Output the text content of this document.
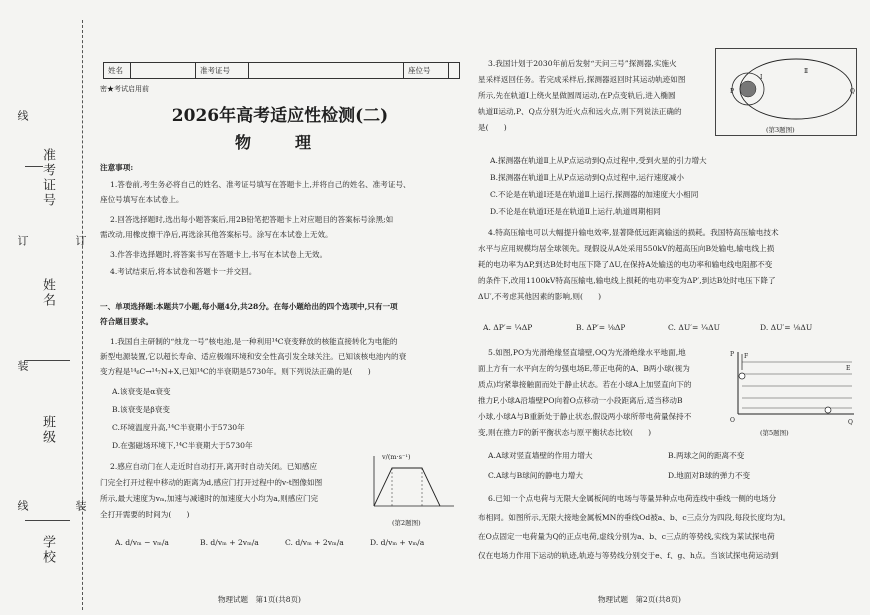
准考证号
姓名
班级
学校
线
订
装
线
订
装
姓名	准考证号	座位号
密★考试启用前
2026年高考适应性检测(二)
物　理
注意事项:
1.答卷前,考生务必将自己的姓名、准考证号填写在答题卡上,并将自己的姓名、准考证号、
座位号填写在本试卷上。
2.回答选择题时,选出每小题答案后,用2B铅笔把答题卡上对应题目的答案标号涂黑;如
需改动,用橡皮擦干净后,再选涂其他答案标号。涂写在本试卷上无效。
3.作答非选择题时,将答案书写在答题卡上,书写在本试卷上无效。
4.考试结束后,将本试卷和答题卡一并交回。
一、单项选择题:本题共7小题,每小题4分,共28分。在每小题给出的四个选项中,只有一项
符合题目要求。
1.我国自主研制的“烛龙一号”核电池,是一种利用¹⁴C衰变释放的核能直接转化为电能的
新型电源装置,它以超长寿命、适应极端环境和安全性高引发全球关注。已知该核电池内的衰
变方程是¹⁴₆C→¹⁴₇N+X,已知¹⁴C的半衰期是5730年。则下列说法正确的是(　　)
A.该衰变是α衰变
B.该衰变是β衰变
C.环境温度升高,¹⁴C半衰期小于5730年
D.在强磁场环境下,¹⁴C半衰期大于5730年
2.感应自动门在人走近时自动打开,离开时自动关闭。已知感应
门完全打开过程中移动的距离为d,感应门打开过程中的v-t图像如图
所示,最大速度为vₘ,加速与减速时的加速度大小均为a,则感应门完
全打开需要的时间为(　　)
v/(m·s⁻¹)
(第2题图)
A. d/vₘ − vₘ/a	B. d/vₘ + 2vₘ/a	C. d/vₘ + 2vₘ/a	D. d/vₘ + vₘ/a
物理试题　第1页(共8页)
3.我国计划于2030年前后发射“天问三号”探测器,实施火
星采样返回任务。若完成采样后,探测器返回时其运动轨迹如图
所示,先在轨道Ⅰ上绕火星做圆周运动,在P点变轨后,进入椭圆
轨道Ⅱ运动,P、Q点分别为近火点和远火点,则下列说法正确的
是(　　)
P	Q
Ⅰ
Ⅱ
(第3题图)
A.探测器在轨道Ⅱ上从P点运动到Q点过程中,受到火星的引力增大
B.探测器在轨道Ⅱ上从P点运动到Q点过程中,运行速度减小
C.不论是在轨道Ⅰ还是在轨道Ⅱ上运行,探测器的加速度大小相同
D.不论是在轨道Ⅰ还是在轨道Ⅱ上运行,轨道周期相同
4.特高压输电可以大幅提升输电效率,显著降低远距离输送的损耗。我国特高压输电技术
水平与应用规模均居全球领先。现假设从A处采用550kV的超高压向B处输电,输电线上损
耗的电功率为ΔP,到达B处时电压下降了ΔU,在保持A处输送的电功率和输电线电阻都不变
的条件下,改用1100kV特高压输电,输电线上损耗的电功率变为ΔP′,到达B处时电压下降了
ΔU′,不考虑其他因素的影响,则(　　)
A. ΔP′= ¼ΔP	B. ΔP′= ⅛ΔP	C. ΔU′= ¼ΔU	D. ΔU′= ⅛ΔU
5.如图,PO为光滑绝缘竖直墙壁,OQ为光滑绝缘水平地面,地
面上方有一水平向左的匀强电场E,带正电荷的A、B两小球(视为
质点)均紧靠接触面而处于静止状态。若在小球A上加竖直向下的
推力F,小球A沿墙壁PO向着O点移动一小段距离后,适当移动B
小球,小球A与B重新处于静止状态,假设两小球所带电荷量保持不
变,则在推力F的新平衡状态与原平衡状态比较(　　)
F
P
O	Q
E
(第5题图)
A.A球对竖直墙壁的作用力增大	B.两球之间的距离不变
C.A球与B球间的静电力增大	D.地面对B球的弹力不变
6.已知一个点电荷与无限大金属板间的电场与等量异种点电荷连线中垂线一侧的电场分
布相同。如图所示,无限大接地金属板MN的垂线Od被a、b、c三点分为四段,每段长度均为l。
在O点固定一电荷量为Q的正点电荷,虚线分别为a、b、c三点的等势线,实线为某试探电荷
仅在电场力作用下运动的轨迹,轨迹与等势线分别交于e、f、g、h点。当该试探电荷运动到
物理试题　第2页(共8页)
